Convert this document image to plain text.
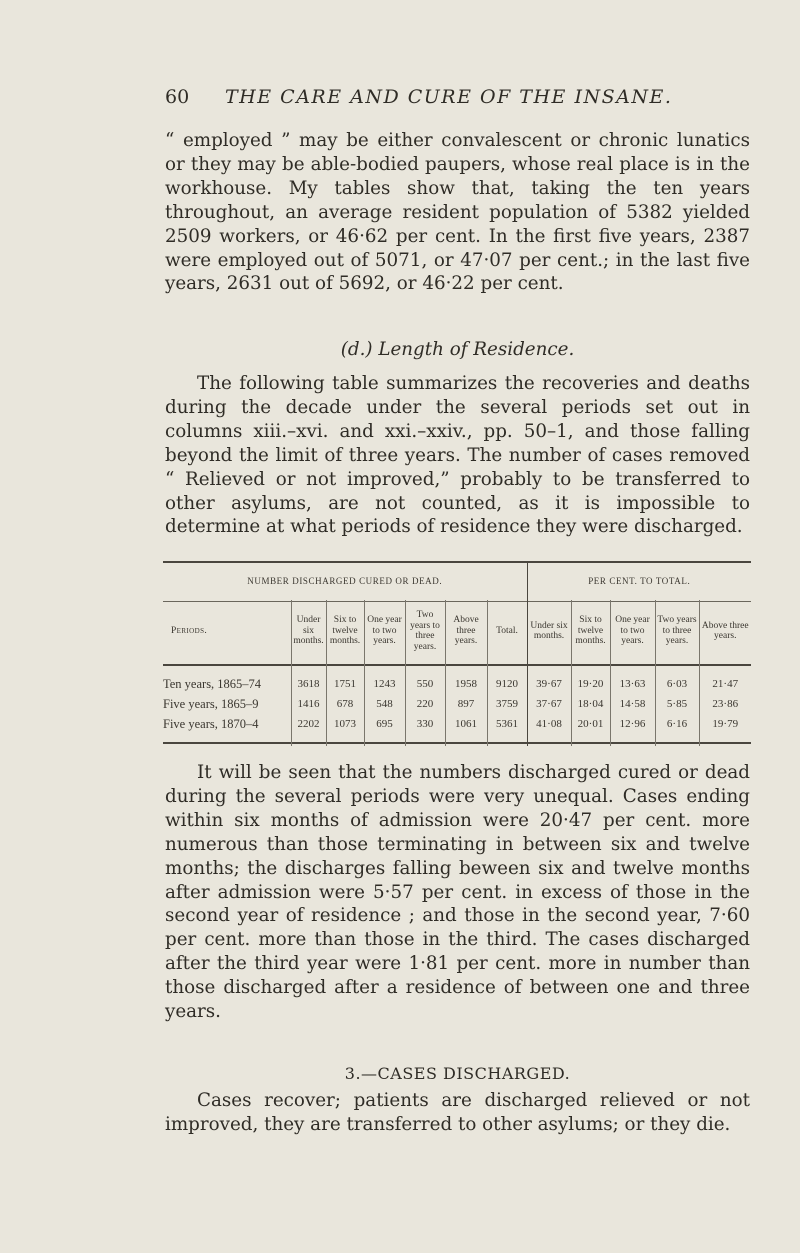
60 THE CARE AND CURE OF THE INSANE.
“ employed ” may be either convalescent or chronic lunatics or they may be able-bodied paupers, whose real place is in the workhouse. My tables show that, taking the ten years throughout, an average resident population of 5382 yielded 2509 workers, or 46·62 per cent. In the first five years, 2387 were employed out of 5071, or 47·07 per cent.; in the last five years, 2631 out of 5692, or 46·22 per cent.
(d.) Length of Residence.
The following table summarizes the recoveries and deaths during the decade under the several periods set out in columns xiii.–xvi. and xxi.–xxiv., pp. 50–1, and those falling beyond the limit of three years. The number of cases removed “ Relieved or not improved,” probably to be transferred to other asylums, are not counted, as it is impossible to determine at what periods of residence they were discharged.
NUMBER DISCHARGED CURED OR DEAD.							PER CENT. TO TOTAL.				
Periods.	Under six months.	Six to twelve months.	One year to two years.	Two years to three years.	Above three years.	Total.	Under six months.	Six to twelve months.	One year to two years.	Two years to three years.	Above three years.

Ten years, 1865–74	3618	1751	1243	550	1958	9120	39·67	19·20	13·63	6·03	21·47
Five years, 1865–9	1416	678	548	220	897	3759	37·67	18·04	14·58	5·85	23·86
Five years, 1870–4	2202	1073	695	330	1061	5361	41·08	20·01	12·96	6·16	19·79

It will be seen that the numbers discharged cured or dead during the several periods were very unequal. Cases ending within six months of admission were 20·47 per cent. more numerous than those terminating in between six and twelve months; the discharges falling beween six and twelve months after admission were 5·57 per cent. in excess of those in the second year of residence ; and those in the second year, 7·60 per cent. more than those in the third. The cases discharged after the third year were 1·81 per cent. more in number than those discharged after a residence of between one and three years.
3.—CASES DISCHARGED.
Cases recover; patients are discharged relieved or not improved, they are transferred to other asylums; or they die.
